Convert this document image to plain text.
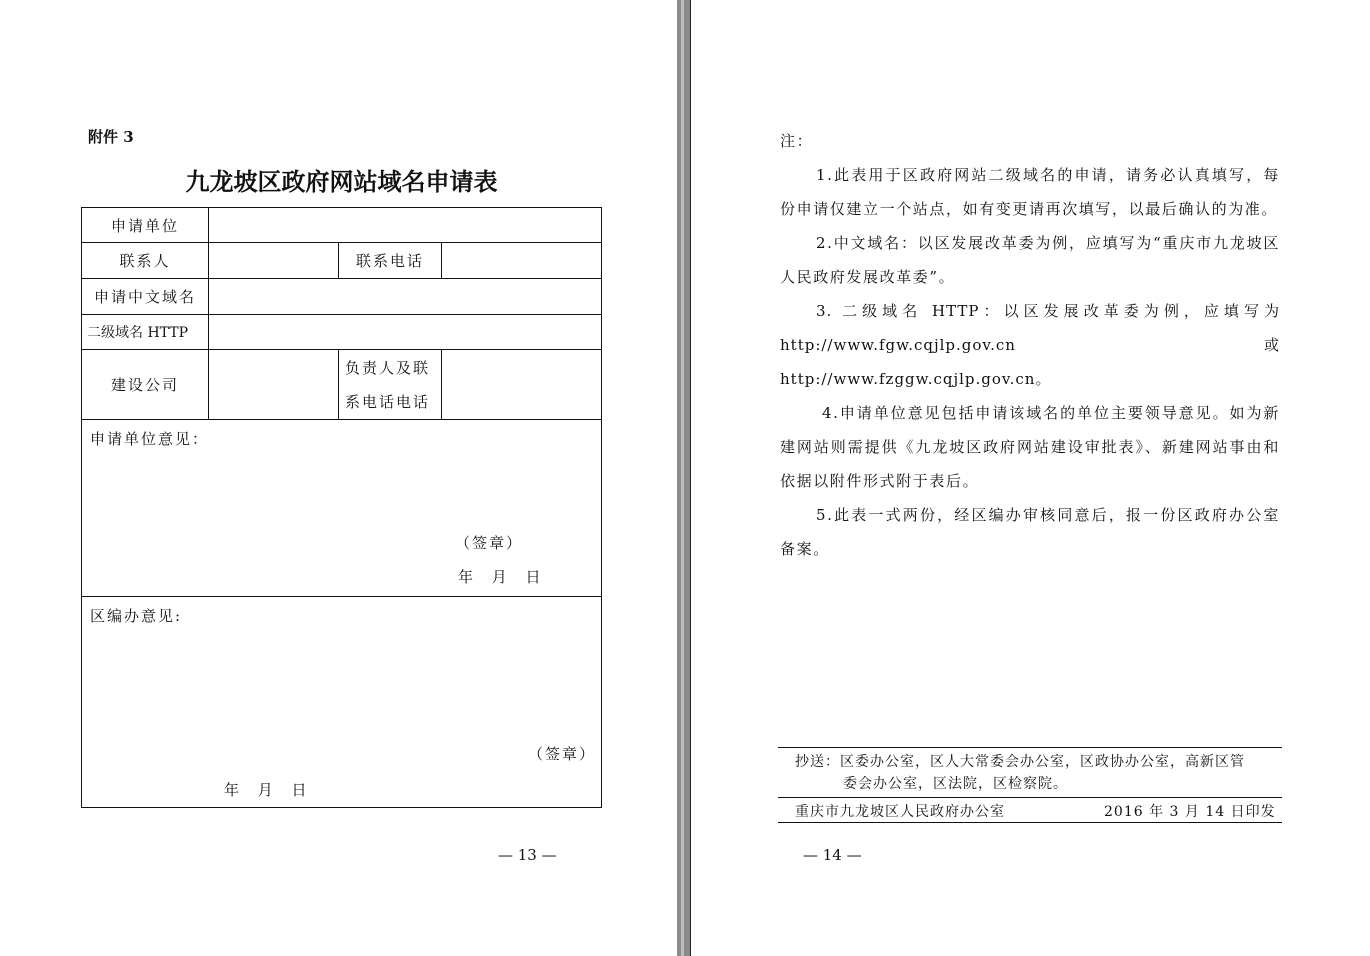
附件 3
九龙坡区政府网站域名申请表
申请单位			
联系人		联系电话	
申请中文域名			
二级域名 HTTP			
建设公司		负责人及联
系电话电话	

申请单位意见：
（签章）
年 月 日			

区编办意见:
（签章）
年 月 日			
— 13 —

注：

1.此表用于区政府网站二级域名的申请，请务必认真填写，每份申请仅建立一个站点，如有变更请再次填写，以最后确认的为准。

2.中文域名：以区发展改革委为例，应填写为“重庆市九龙坡区人民政府发展改革委”。

3. 二级域名 HTTP：以区发展改革委为例，应填写为 http://www.fgw.cqjlp.gov.cn 或 http://www.fzggw.cqjlp.gov.cn。

4.申请单位意见包括申请该域名的单位主要领导意见。如为新建网站则需提供《九龙坡区政府网站建设审批表》、新建网站事由和依据以附件形式附于表后。

5.此表一式两份，经区编办审核同意后，报一份区政府办公室备案。

抄送：区委办公室，区人大常委会办公室，区政协办公室，高新区管
委会办公室，区法院，区检察院。
重庆市九龙坡区人民政府办公室	2016 年 3 月 14 日印发
— 14 —
